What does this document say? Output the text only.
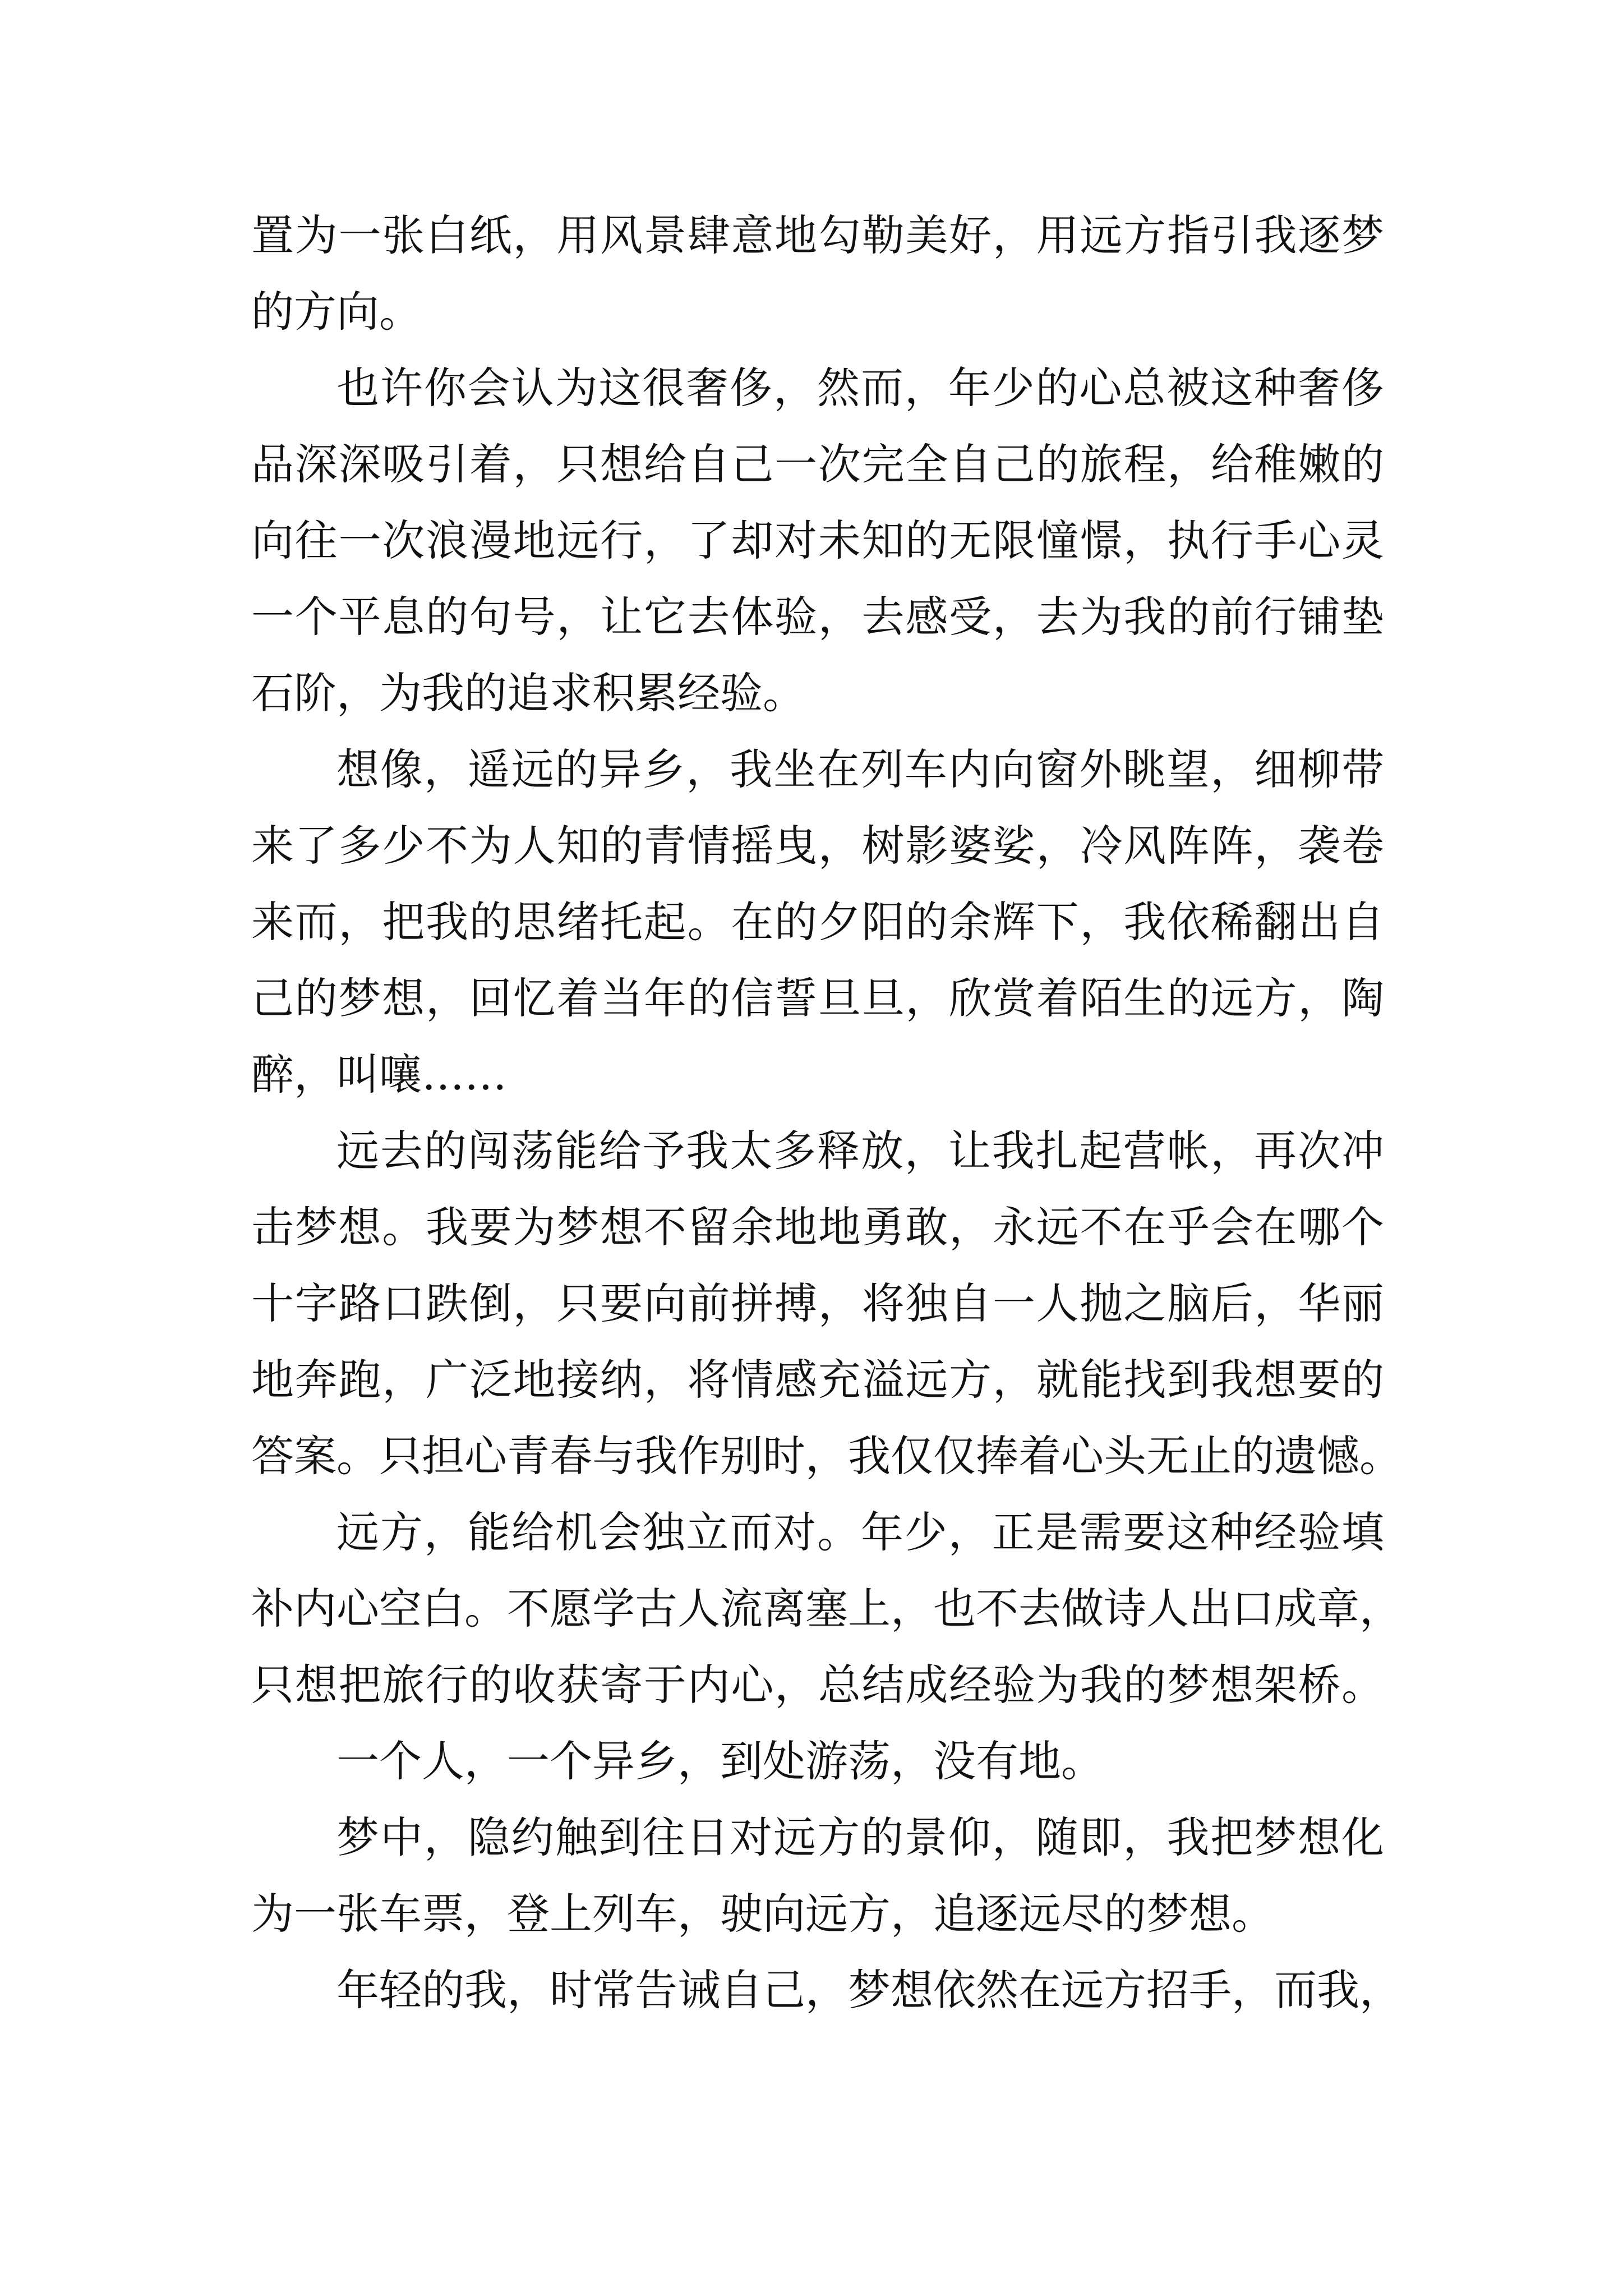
置为一张白纸，用风景肆意地勾勒美好，用远方指引我逐梦
的方向。
也许你会认为这很奢侈，然而，年少的心总被这种奢侈
品深深吸引着，只想给自己一次完全自己的旅程，给稚嫩的
向往一次浪漫地远行，了却对未知的无限憧憬，执行手心灵
一个平息的句号，让它去体验，去感受，去为我的前行铺垫
石阶，为我的追求积累经验。
想像，遥远的异乡，我坐在列车内向窗外眺望，细柳带
来了多少不为人知的青情摇曳，树影婆娑，冷风阵阵，袭卷
来而，把我的思绪托起。在的夕阳的余辉下，我依稀翻出自
己的梦想，回忆着当年的信誓旦旦，欣赏着陌生的远方，陶
醉，叫嚷……
远去的闯荡能给予我太多释放，让我扎起营帐，再次冲
击梦想。我要为梦想不留余地地勇敢，永远不在乎会在哪个
十字路口跌倒，只要向前拼搏，将独自一人抛之脑后，华丽
地奔跑，广泛地接纳，将情感充溢远方，就能找到我想要的
答案。只担心青春与我作别时，我仅仅捧着心头无止的遗憾。
远方，能给机会独立而对。年少，正是需要这种经验填
补内心空白。不愿学古人流离塞上，也不去做诗人出口成章，
只想把旅行的收获寄于内心，总结成经验为我的梦想架桥。
一个人，一个异乡，到处游荡，没有地。
梦中，隐约触到往日对远方的景仰，随即，我把梦想化
为一张车票，登上列车，驶向远方，追逐远尽的梦想。
年轻的我，时常告诫自己，梦想依然在远方招手，而我，
